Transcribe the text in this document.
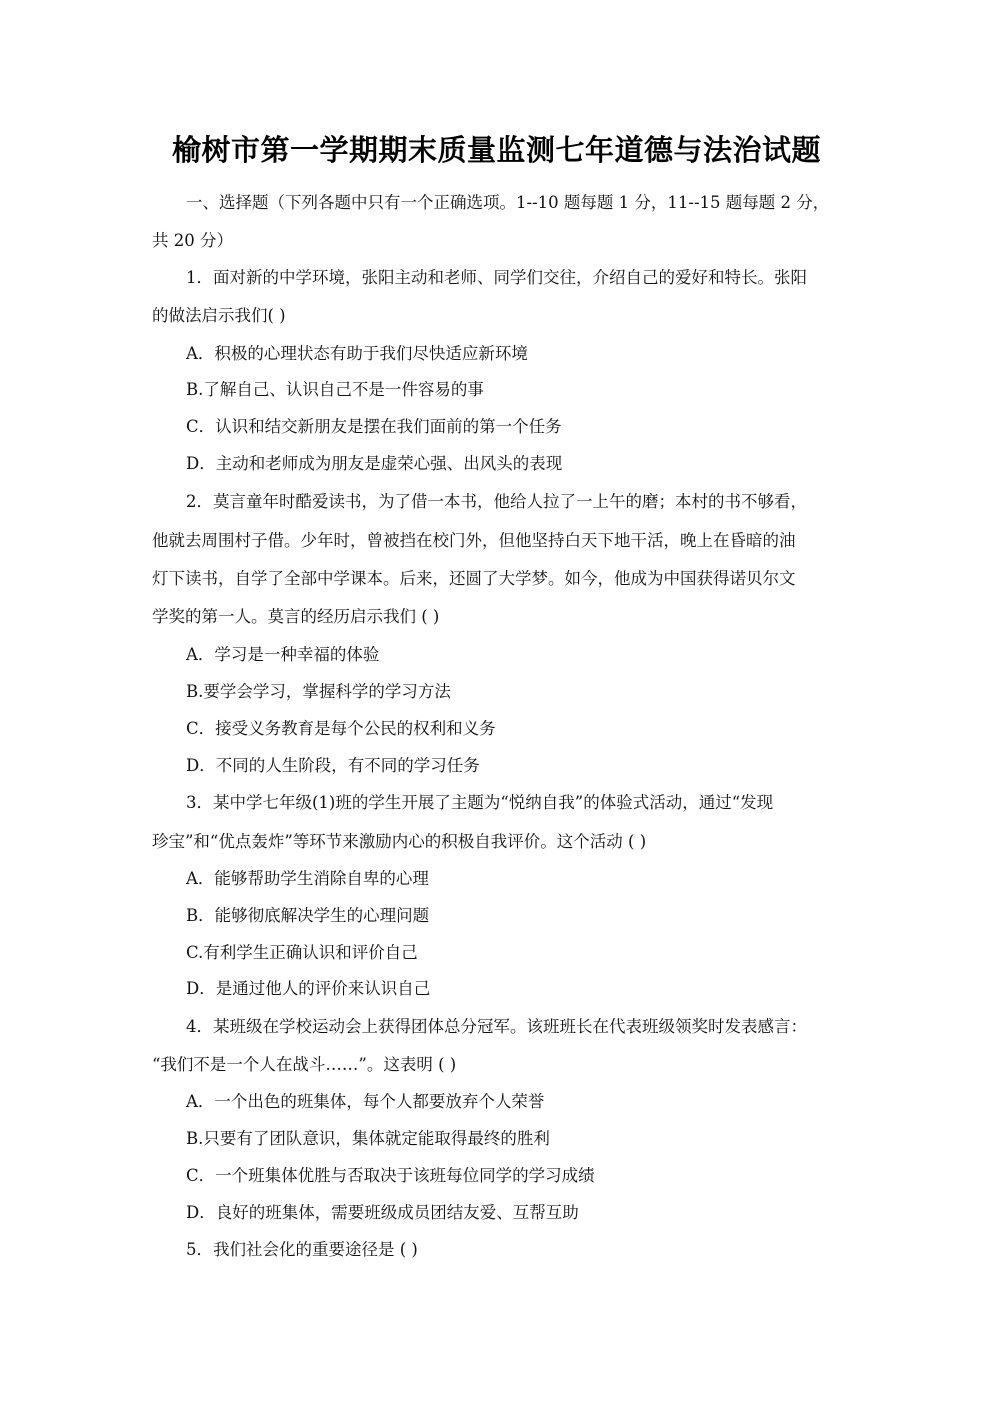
榆树市第一学期期末质量监测七年道德与法治试题

一、选择题（下列各题中只有一个正确选项。1--10 题每题 1 分，11--15 题每题 2 分，

共 20 分）

1．面对新的中学环境，张阳主动和老师、同学们交往，介绍自己的爱好和特长。张阳

的做法启示我们( )

A．积极的心理状态有助于我们尽快适应新环境

B.了解自己、认识自己不是一件容易的事

C．认识和结交新朋友是摆在我们面前的第一个任务

D．主动和老师成为朋友是虚荣心强、出风头的表现

2．莫言童年时酷爱读书，为了借一本书，他给人拉了一上午的磨；本村的书不够看，

他就去周围村子借。少年时，曾被挡在校门外，但他坚持白天下地干活，晚上在昏暗的油

灯下读书，自学了全部中学课本。后来，还圆了大学梦。如今，他成为中国获得诺贝尔文

学奖的第一人。莫言的经历启示我们 ( )

A．学习是一种幸福的体验

B.要学会学习，掌握科学的学习方法

C．接受义务教育是每个公民的权利和义务

D．不同的人生阶段，有不同的学习任务

3．某中学七年级(1)班的学生开展了主题为“悦纳自我”的体验式活动，通过“发现

珍宝”和“优点轰炸”等环节来激励内心的积极自我评价。这个活动 ( )

A．能够帮助学生消除自卑的心理

B．能够彻底解决学生的心理问题

C.有利学生正确认识和评价自己

D．是通过他人的评价来认识自己

4．某班级在学校运动会上获得团体总分冠军。该班班长在代表班级领奖时发表感言：

“我们不是一个人在战斗……”。这表明 ( )

A．一个出色的班集体，每个人都要放弃个人荣誉

B.只要有了团队意识，集体就定能取得最终的胜利

C．一个班集体优胜与否取决于该班每位同学的学习成绩

D．良好的班集体，需要班级成员团结友爱、互帮互助

5．我们社会化的重要途径是 ( )
